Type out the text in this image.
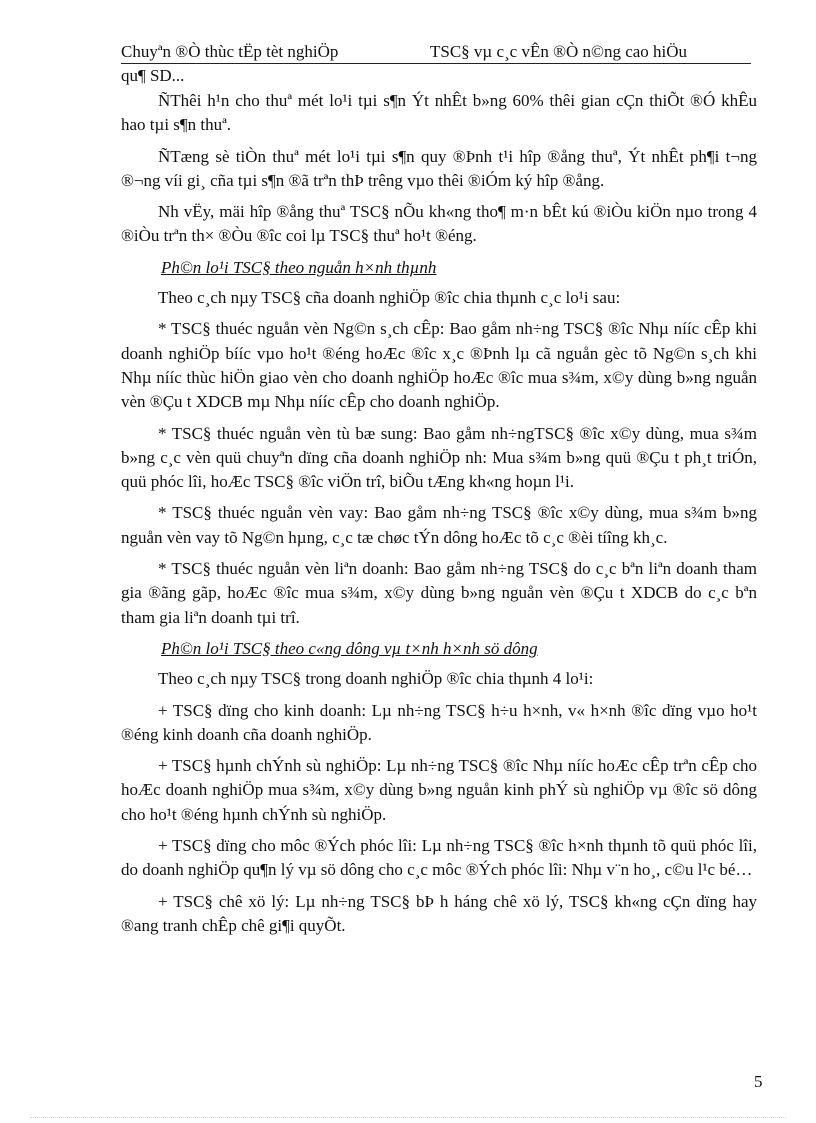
Chuyªn ®Ò thùc tËp tèt nghiÖp	TSC§ vµ c¸c vÊn ®Ò n©ng cao hiÖu
qu¶ SD...

ÑThêi h¹n cho thuª mét lo¹i tµi s¶n Ýt nhÊt b»ng 60% thêi gian cÇn thiÕt ®Ó khÊu hao tµi s¶n thuª.

ÑTæng sè tiÒn thuª mét lo¹i tµi s¶n quy ®Þnh t¹i hîp ®ång thuª, Ýt nhÊt ph¶i t¬ng ®¬ng víi gi¸ cña tµi s¶n ®ã trªn thÞ trêng vµo thêi ®iÓm ký hîp ®ång.

Nh vËy, mäi hîp ®ång thuª TSC§ nÕu kh«ng tho¶ m·n bÊt kú ®iÒu kiÖn nµo trong 4 ®iÒu trªn th× ®Òu ®îc coi lµ TSC§ thuª ho¹t ®éng.

Ph©n lo¹i TSC§ theo nguån h×nh thµnh

Theo c¸ch nµy TSC§ cña doanh nghiÖp ®îc chia thµnh c¸c lo¹i sau:

* TSC§ thuéc nguån vèn Ng©n s¸ch cÊp: Bao gåm nh÷ng TSC§ ®îc Nhµ nííc cÊp khi doanh nghiÖp bííc vµo ho¹t ®éng hoÆc ®îc x¸c ®Þnh lµ cã nguån gèc tõ Ng©n s¸ch khi Nhµ nííc thùc hiÖn giao vèn cho doanh nghiÖp hoÆc ®îc mua s¾m, x©y dùng b»ng nguån vèn ®Çu t XDCB mµ Nhµ nííc cÊp cho doanh nghiÖp.

* TSC§ thuéc nguån vèn tù bæ sung: Bao gåm nh÷ngTSC§ ®îc x©y dùng, mua s¾m b»ng c¸c vèn quü chuyªn dïng cña doanh nghiÖp nh: Mua s¾m b»ng quü ®Çu t ph¸t triÓn, quü phóc lîi, hoÆc TSC§ ®îc viÖn trî, biÕu tÆng kh«ng hoµn l¹i.

* TSC§ thuéc nguån vèn vay: Bao gåm nh÷ng TSC§ ®îc x©y dùng, mua s¾m b»ng nguån vèn vay tõ Ng©n hµng, c¸c tæ chøc tÝn dông hoÆc tõ c¸c ®èi tíîng kh¸c.

* TSC§ thuéc nguån vèn liªn doanh: Bao gåm nh÷ng TSC§ do c¸c bªn liªn doanh tham gia ®ãng gãp, hoÆc ®îc mua s¾m, x©y dùng b»ng nguån vèn ®Çu t XDCB do c¸c bªn tham gia liªn doanh tµi trî.

Ph©n lo¹i TSC§ theo c«ng dông vµ t×nh h×nh sö dông

Theo c¸ch nµy TSC§ trong doanh nghiÖp ®îc chia thµnh 4 lo¹i:

+ TSC§ dïng cho kinh doanh: Lµ nh÷ng TSC§ h÷u h×nh, v« h×nh ®îc dïng vµo ho¹t ®éng kinh doanh cña doanh nghiÖp.

+ TSC§ hµnh chÝnh sù nghiÖp: Lµ nh÷ng TSC§ ®îc Nhµ nííc hoÆc cÊp trªn cÊp cho hoÆc doanh nghiÖp mua s¾m, x©y dùng b»ng nguån kinh phÝ sù nghiÖp vµ ®îc sö dông cho ho¹t ®éng hµnh chÝnh sù nghiÖp.

+ TSC§ dïng cho môc ®Ých phóc lîi: Lµ nh÷ng TSC§ ®îc h×nh thµnh tõ quü phóc lîi, do doanh nghiÖp qu¶n lý vµ sö dông cho c¸c môc ®Ých phóc lîi: Nhµ v¨n ho¸, c©u l¹c bé…

+ TSC§ chê xö lý: Lµ nh÷ng TSC§ bÞ h háng chê xö lý, TSC§ kh«ng cÇn dïng hay ®ang tranh chÊp chê gi¶i quyÕt.

5
